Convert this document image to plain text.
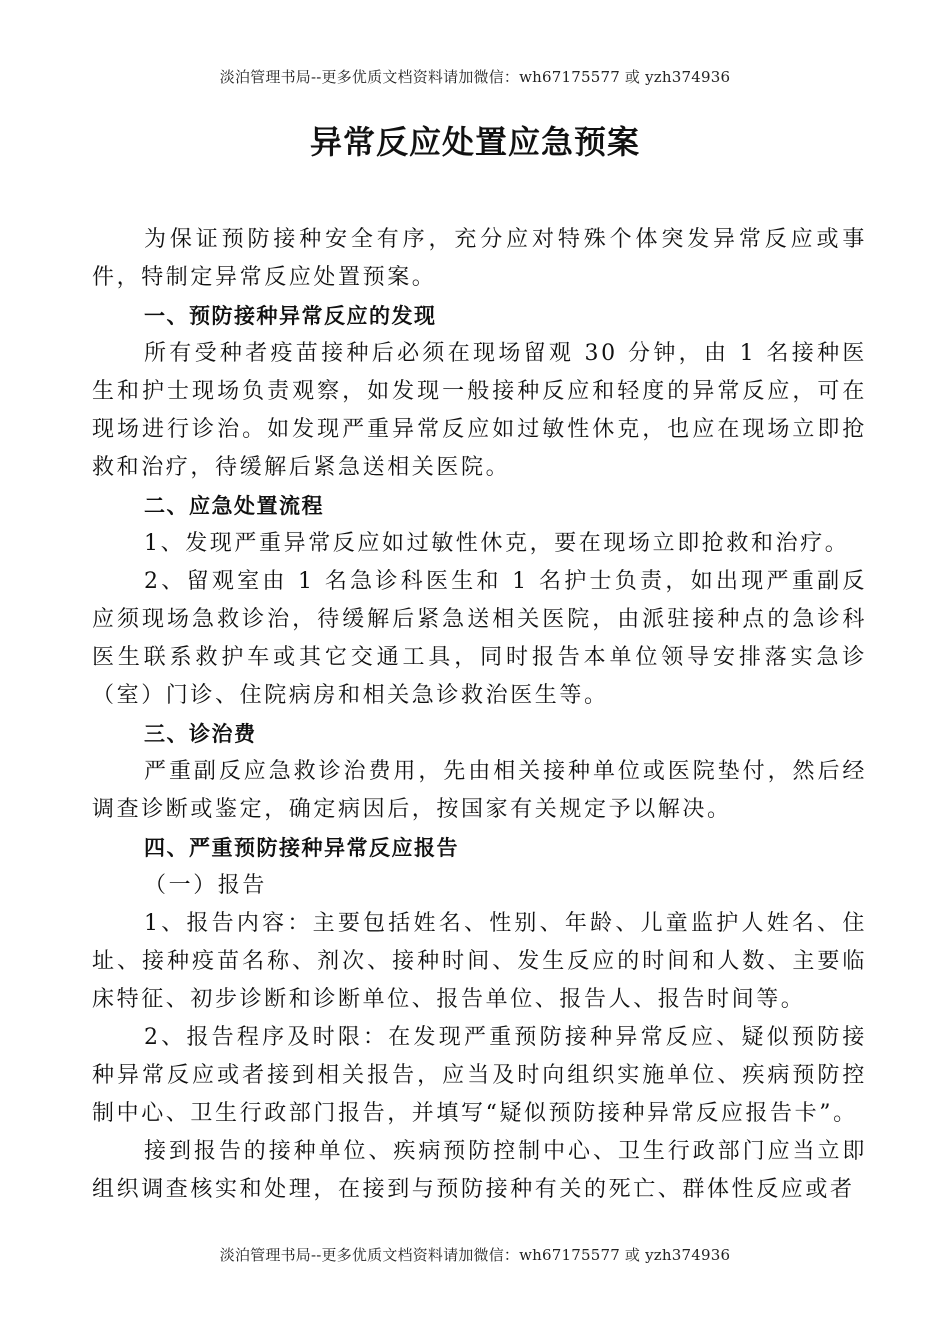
淡泊管理书局--更多优质文档资料请加微信：wh67175577 或 yzh374936
异常反应处置应急预案

为保证预防接种安全有序，充分应对特殊个体突发异常反应或事件，特制定异常反应处置预案。

一、预防接种异常反应的发现

所有受种者疫苗接种后必须在现场留观 30 分钟，由 1 名接种医生和护士现场负责观察，如发现一般接种反应和轻度的异常反应，可在现场进行诊治。如发现严重异常反应如过敏性休克，也应在现场立即抢救和治疗，待缓解后紧急送相关医院。

二、应急处置流程

1、发现严重异常反应如过敏性休克，要在现场立即抢救和治疗。

2、留观室由 1 名急诊科医生和 1 名护士负责，如出现严重副反应须现场急救诊治，待缓解后紧急送相关医院，由派驻接种点的急诊科医生联系救护车或其它交通工具，同时报告本单位领导安排落实急诊（室）门诊、住院病房和相关急诊救治医生等。

三、诊治费

严重副反应急救诊治费用，先由相关接种单位或医院垫付，然后经调查诊断或鉴定，确定病因后，按国家有关规定予以解决。

四、严重预防接种异常反应报告

（一）报告

1、报告内容：主要包括姓名、性别、年龄、儿童监护人姓名、住址、接种疫苗名称、剂次、接种时间、发生反应的时间和人数、主要临床特征、初步诊断和诊断单位、报告单位、报告人、报告时间等。

2、报告程序及时限：在发现严重预防接种异常反应、疑似预防接种异常反应或者接到相关报告，应当及时向组织实施单位、疾病预防控制中心、卫生行政部门报告，并填写“疑似预防接种异常反应报告卡”。

接到报告的接种单位、疾病预防控制中心、卫生行政部门应当立即组织调查核实和处理，在接到与预防接种有关的死亡、群体性反应或者

淡泊管理书局--更多优质文档资料请加微信：wh67175577 或 yzh374936
